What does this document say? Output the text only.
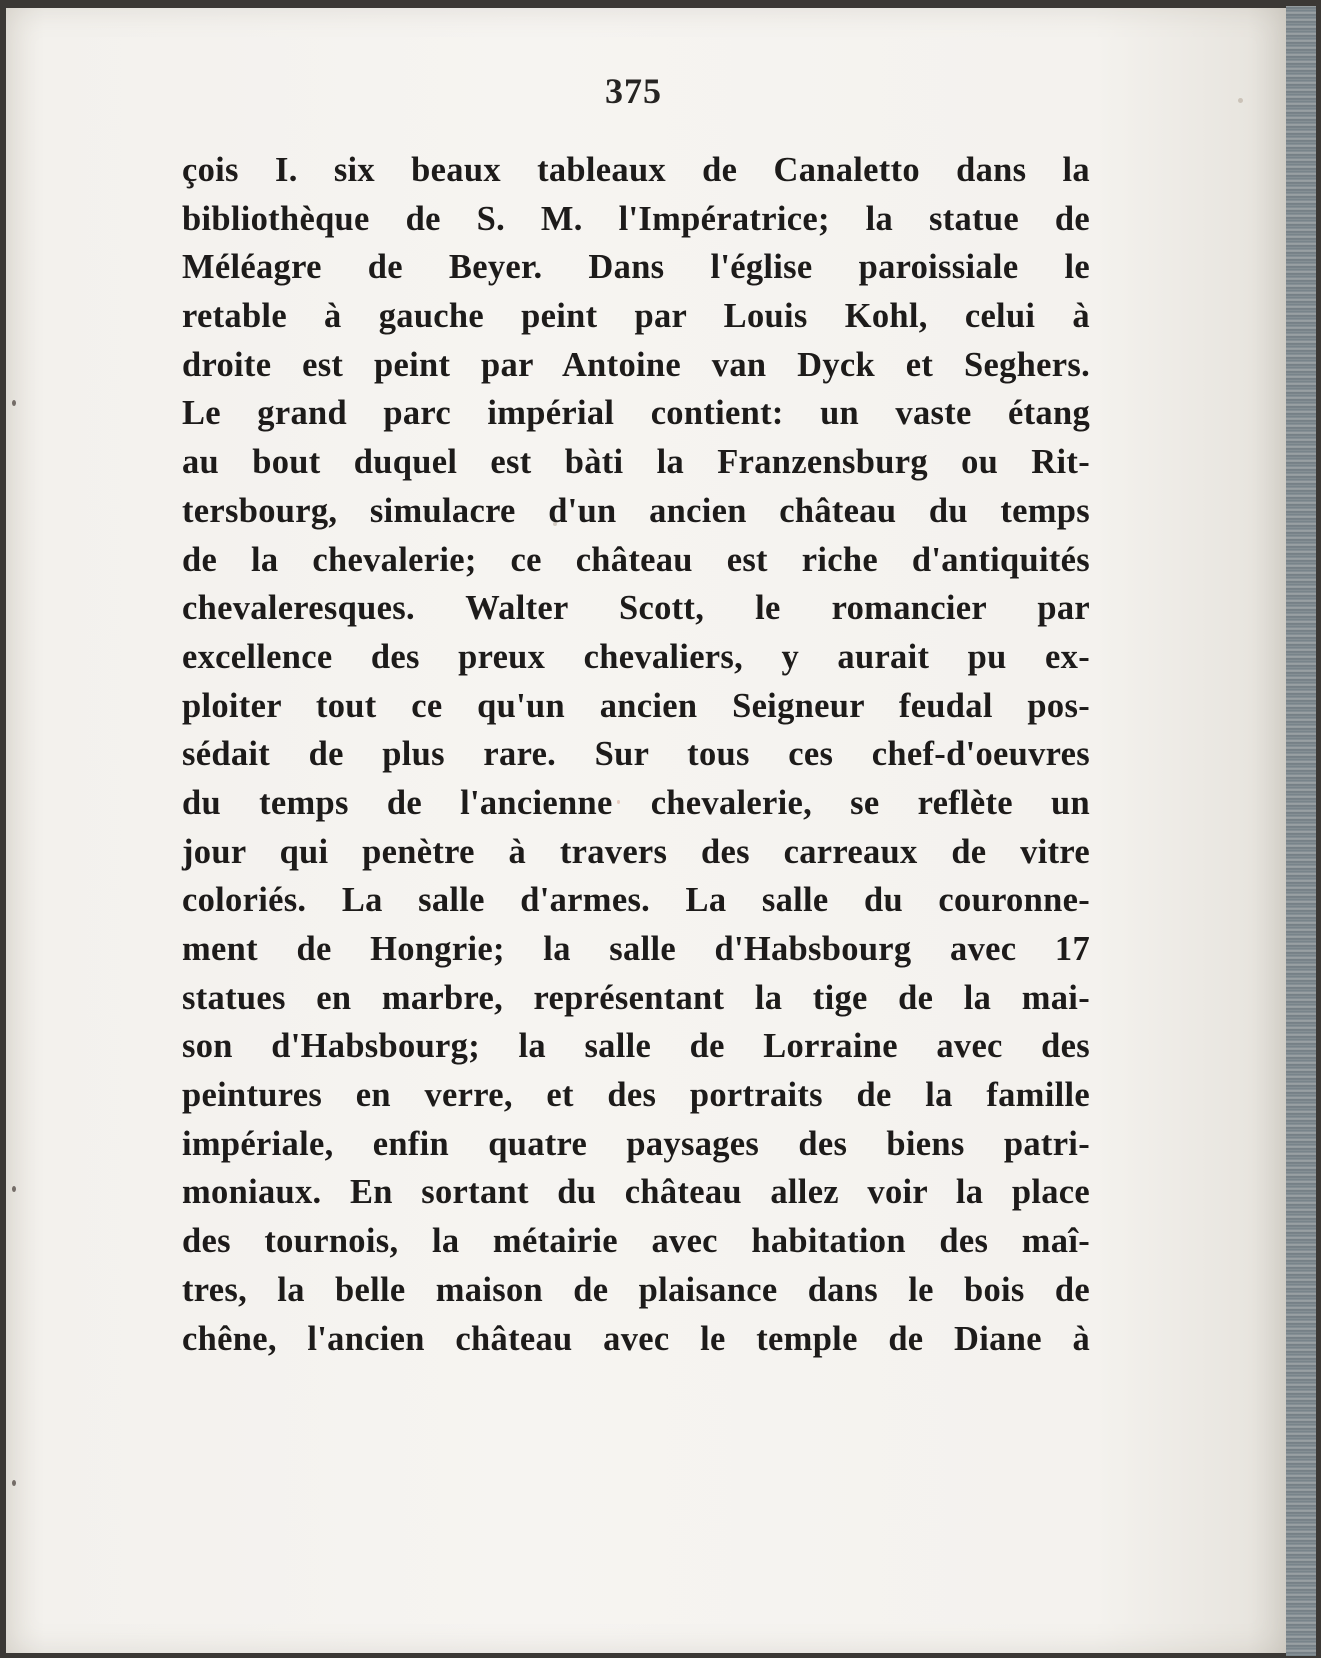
375
çois I. six beaux tableaux de Canaletto dans la
bibliothèque de S. M. l'Impératrice; la statue de
Méléagre de Beyer. Dans l'église paroissiale le
retable à gauche peint par Louis Kohl, celui à
droite est peint par Antoine van Dyck et Seghers.
Le grand parc impérial contient: un vaste étang
au bout duquel est bàti la Franzensburg ou Rit-
tersbourg, simulacre d'un ancien château du temps
de la chevalerie; ce château est riche d'antiquités
chevaleresques. Walter Scott, le romancier par
excellence des preux chevaliers, y aurait pu ex-
ploiter tout ce qu'un ancien Seigneur feudal pos-
sédait de plus rare. Sur tous ces chef-d'oeuvres
du temps de l'ancienne chevalerie, se reflète un
jour qui penètre à travers des carreaux de vitre
coloriés. La salle d'armes. La salle du couronne-
ment de Hongrie; la salle d'Habsbourg avec 17
statues en marbre, représentant la tige de la mai-
son d'Habsbourg; la salle de Lorraine avec des
peintures en verre, et des portraits de la famille
impériale, enfin quatre paysages des biens patri-
moniaux. En sortant du château allez voir la place
des tournois, la métairie avec habitation des maî-
tres, la belle maison de plaisance dans le bois de
chêne, l'ancien château avec le temple de Diane à
